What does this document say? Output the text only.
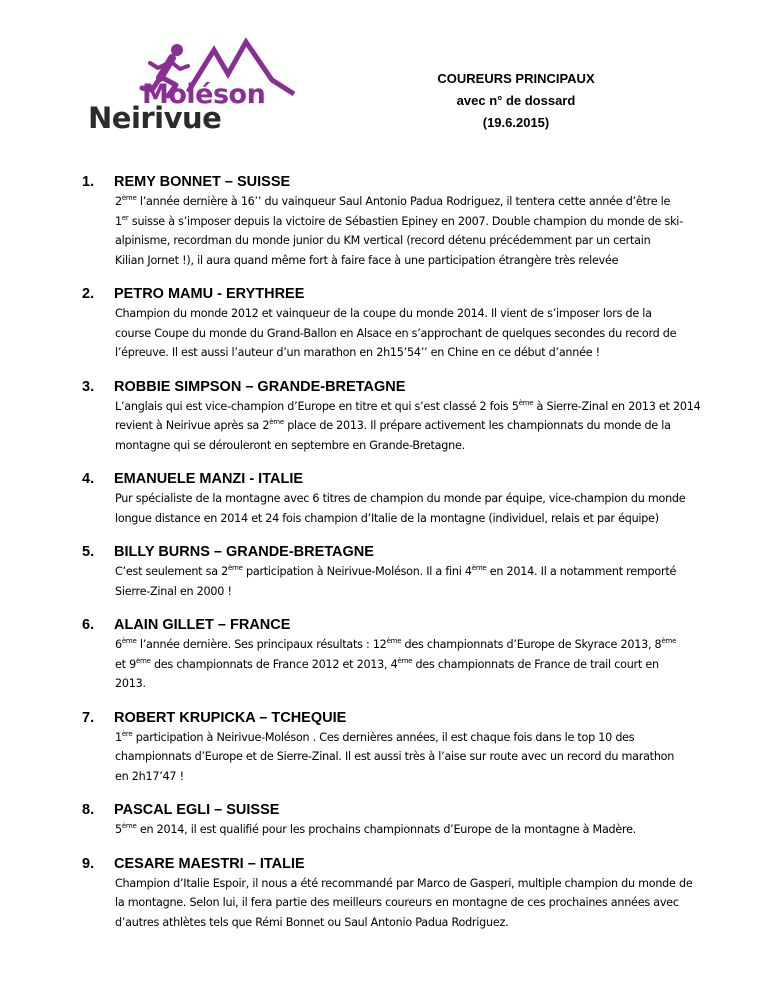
Moléson
Neirivue
COUREURS PRINCIPAUX
avec n° de dossard
(19.6.2015)
1.	REMY BONNET – SUISSE
2ème l’année dernière à 16’’ du vainqueur Saul Antonio Padua Rodriguez, il tentera cette année d’être le
1er suisse à s’imposer depuis la victoire de Sébastien Epiney en 2007. Double champion du monde de ski-
alpinisme, recordman du monde junior du KM vertical (record détenu précédemment par un certain
Kilian Jornet !), il aura quand même fort à faire face à une participation étrangère très relevée
2.	PETRO MAMU - ERYTHREE
Champion du monde 2012 et vainqueur de la coupe du monde 2014. Il vient de s’imposer lors de la
course Coupe du monde du Grand-Ballon en Alsace en s’approchant de quelques secondes du record de
l’épreuve. Il est aussi l’auteur d’un marathon en 2h15’54’’ en Chine en ce début d’année !
3.	ROBBIE SIMPSON – GRANDE-BRETAGNE
L’anglais qui est vice-champion d’Europe en titre et qui s’est classé 2 fois 5ème à Sierre-Zinal en 2013 et 2014
revient à Neirivue après sa 2ème place de 2013. Il prépare activement les championnats du monde de la
montagne qui se dérouleront en septembre en Grande-Bretagne.
4.	EMANUELE MANZI - ITALIE
Pur spécialiste de la montagne avec 6 titres de champion du monde par équipe, vice-champion du monde
longue distance en 2014 et 24 fois champion d’Italie de la montagne (individuel, relais et par équipe)
5.	BILLY BURNS – GRANDE-BRETAGNE
C’est seulement sa 2ème participation à Neirivue-Moléson. Il a fini 4ème en 2014. Il a notamment remporté
Sierre-Zinal en 2000 !
6.	ALAIN GILLET – FRANCE
6ème l’année dernière. Ses principaux résultats : 12ème des championnats d’Europe de Skyrace 2013, 8ème
et 9ème des championnats de France 2012 et 2013, 4ème des championnats de France de trail court en
2013.
7.	ROBERT KRUPICKA – TCHEQUIE
1ère participation à Neirivue-Moléson . Ces dernières années, il est chaque fois dans le top 10 des
championnats d’Europe et de Sierre-Zinal. Il est aussi très à l’aise sur route avec un record du marathon
en 2h17’47 !
8.	PASCAL EGLI – SUISSE
5ème en 2014, il est qualifié pour les prochains championnats d’Europe de la montagne à Madère.
9.	CESARE MAESTRI – ITALIE
Champion d’Italie Espoir, il nous a été recommandé par Marco de Gasperi, multiple champion du monde de
la montagne. Selon lui, il fera partie des meilleurs coureurs en montagne de ces prochaines années avec
d’autres athlètes tels que Rémi Bonnet ou Saul Antonio Padua Rodriguez.
